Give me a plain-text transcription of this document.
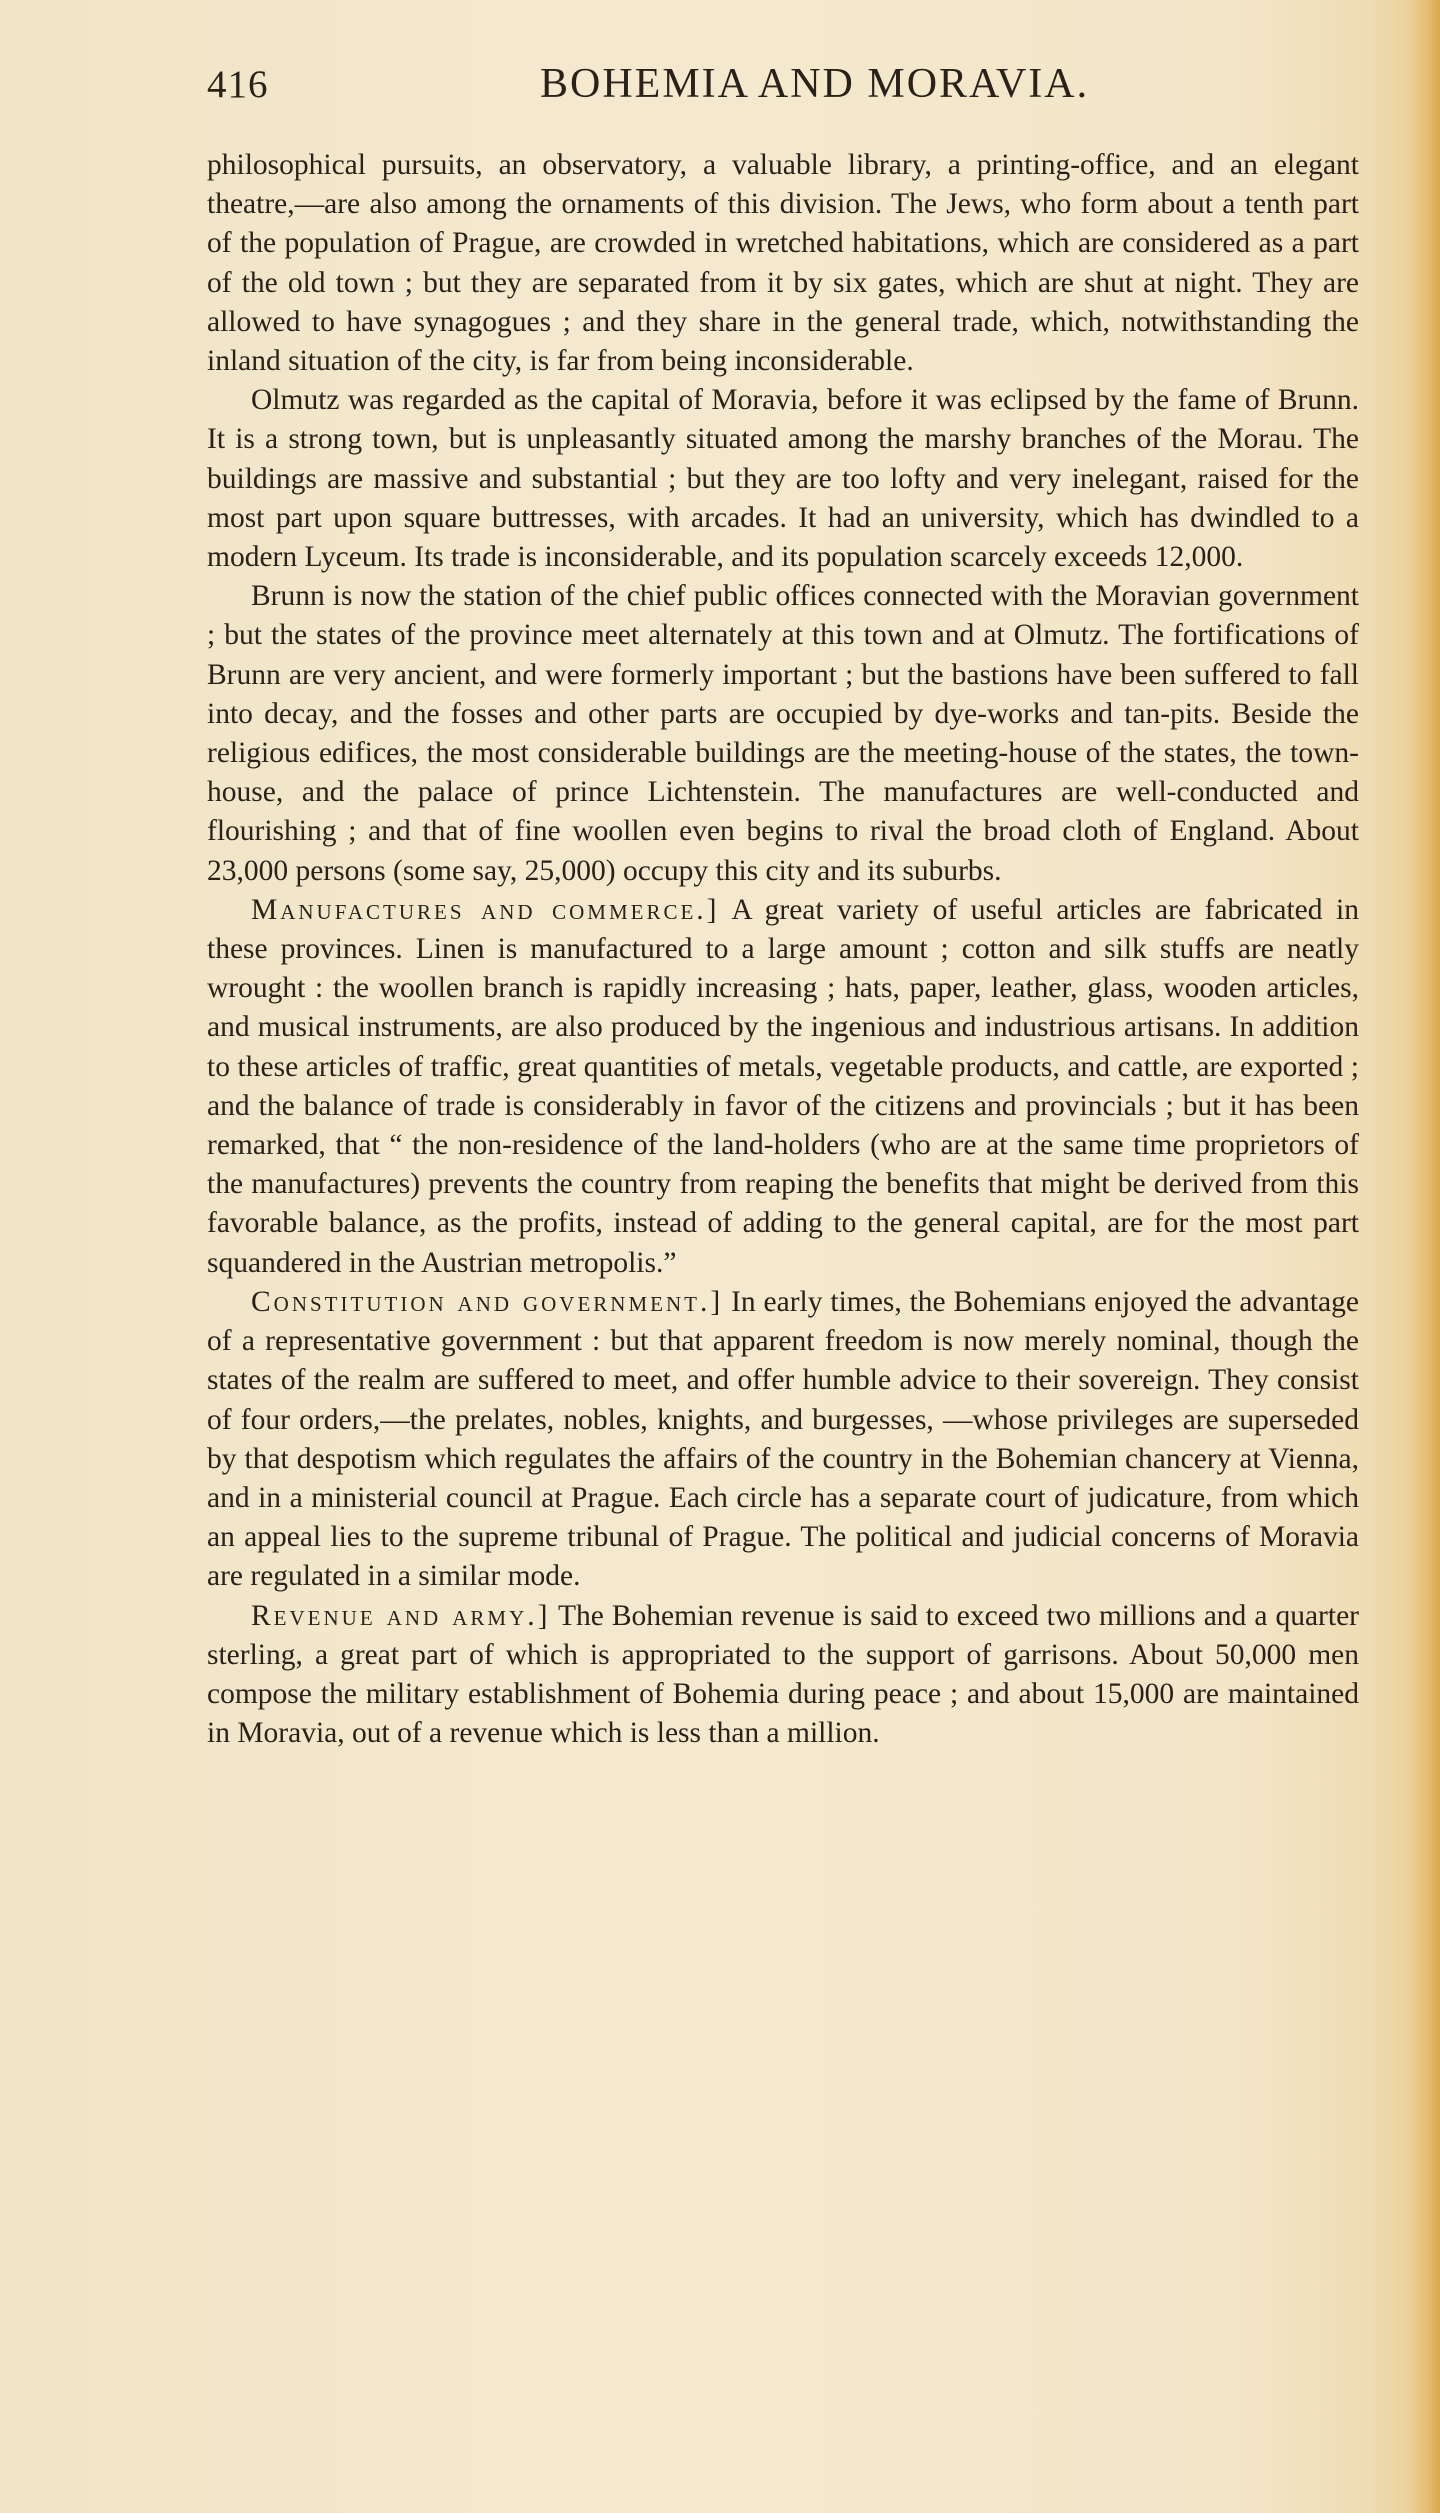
416	BOHEMIA AND MORAVIA.

philosophical pursuits, an observatory, a valuable library, a printing-office, and an elegant theatre,—are also among the ornaments of this division. The Jews, who form about a tenth part of the population of Prague, are crowded in wretched habitations, which are considered as a part of the old town ; but they are separated from it by six gates, which are shut at night. They are allowed to have synagogues ; and they share in the general trade, which, notwithstanding the inland situation of the city, is far from being inconsiderable.

Olmutz was regarded as the capital of Moravia, before it was eclipsed by the fame of Brunn. It is a strong town, but is unpleasantly situated among the marshy branches of the Morau. The buildings are massive and substantial ; but they are too lofty and very inelegant, raised for the most part upon square buttresses, with arcades. It had an university, which has dwindled to a modern Lyceum. Its trade is inconsiderable, and its population scarcely exceeds 12,000.

Brunn is now the station of the chief public offices connected with the Moravian government ; but the states of the province meet alternately at this town and at Olmutz. The fortifications of Brunn are very ancient, and were formerly important ; but the bastions have been suffered to fall into decay, and the fosses and other parts are occupied by dye-works and tan-pits. Beside the religious edifices, the most considerable buildings are the meeting-house of the states, the town-house, and the palace of prince Lichtenstein. The manufactures are well-conducted and flourishing ; and that of fine woollen even begins to rival the broad cloth of England. About 23,000 persons (some say, 25,000) occupy this city and its suburbs.

Manufactures and commerce.] A great variety of useful articles are fabricated in these provinces. Linen is manufactured to a large amount ; cotton and silk stuffs are neatly wrought : the woollen branch is rapidly increasing ; hats, paper, leather, glass, wooden articles, and musical instruments, are also produced by the ingenious and industrious artisans. In addition to these articles of traffic, great quantities of metals, vegetable products, and cattle, are exported ; and the balance of trade is considerably in favor of the citizens and provincials ; but it has been remarked, that “ the non-residence of the land-holders (who are at the same time proprietors of the manufactures) prevents the country from reaping the benefits that might be derived from this favorable balance, as the profits, instead of adding to the general capital, are for the most part squandered in the Austrian metropolis.”

Constitution and government.] In early times, the Bohemians enjoyed the advantage of a representative government : but that apparent freedom is now merely nominal, though the states of the realm are suffered to meet, and offer humble advice to their sovereign. They consist of four orders,—the prelates, nobles, knights, and burgesses, —whose privileges are superseded by that despotism which regulates the affairs of the country in the Bohemian chancery at Vienna, and in a ministerial council at Prague. Each circle has a separate court of judicature, from which an appeal lies to the supreme tribunal of Prague. The political and judicial concerns of Moravia are regulated in a similar mode.

Revenue and army.] The Bohemian revenue is said to exceed two millions and a quarter sterling, a great part of which is appropriated to the support of garrisons. About 50,000 men compose the military establishment of Bohemia during peace ; and about 15,000 are maintained in Moravia, out of a revenue which is less than a million.
